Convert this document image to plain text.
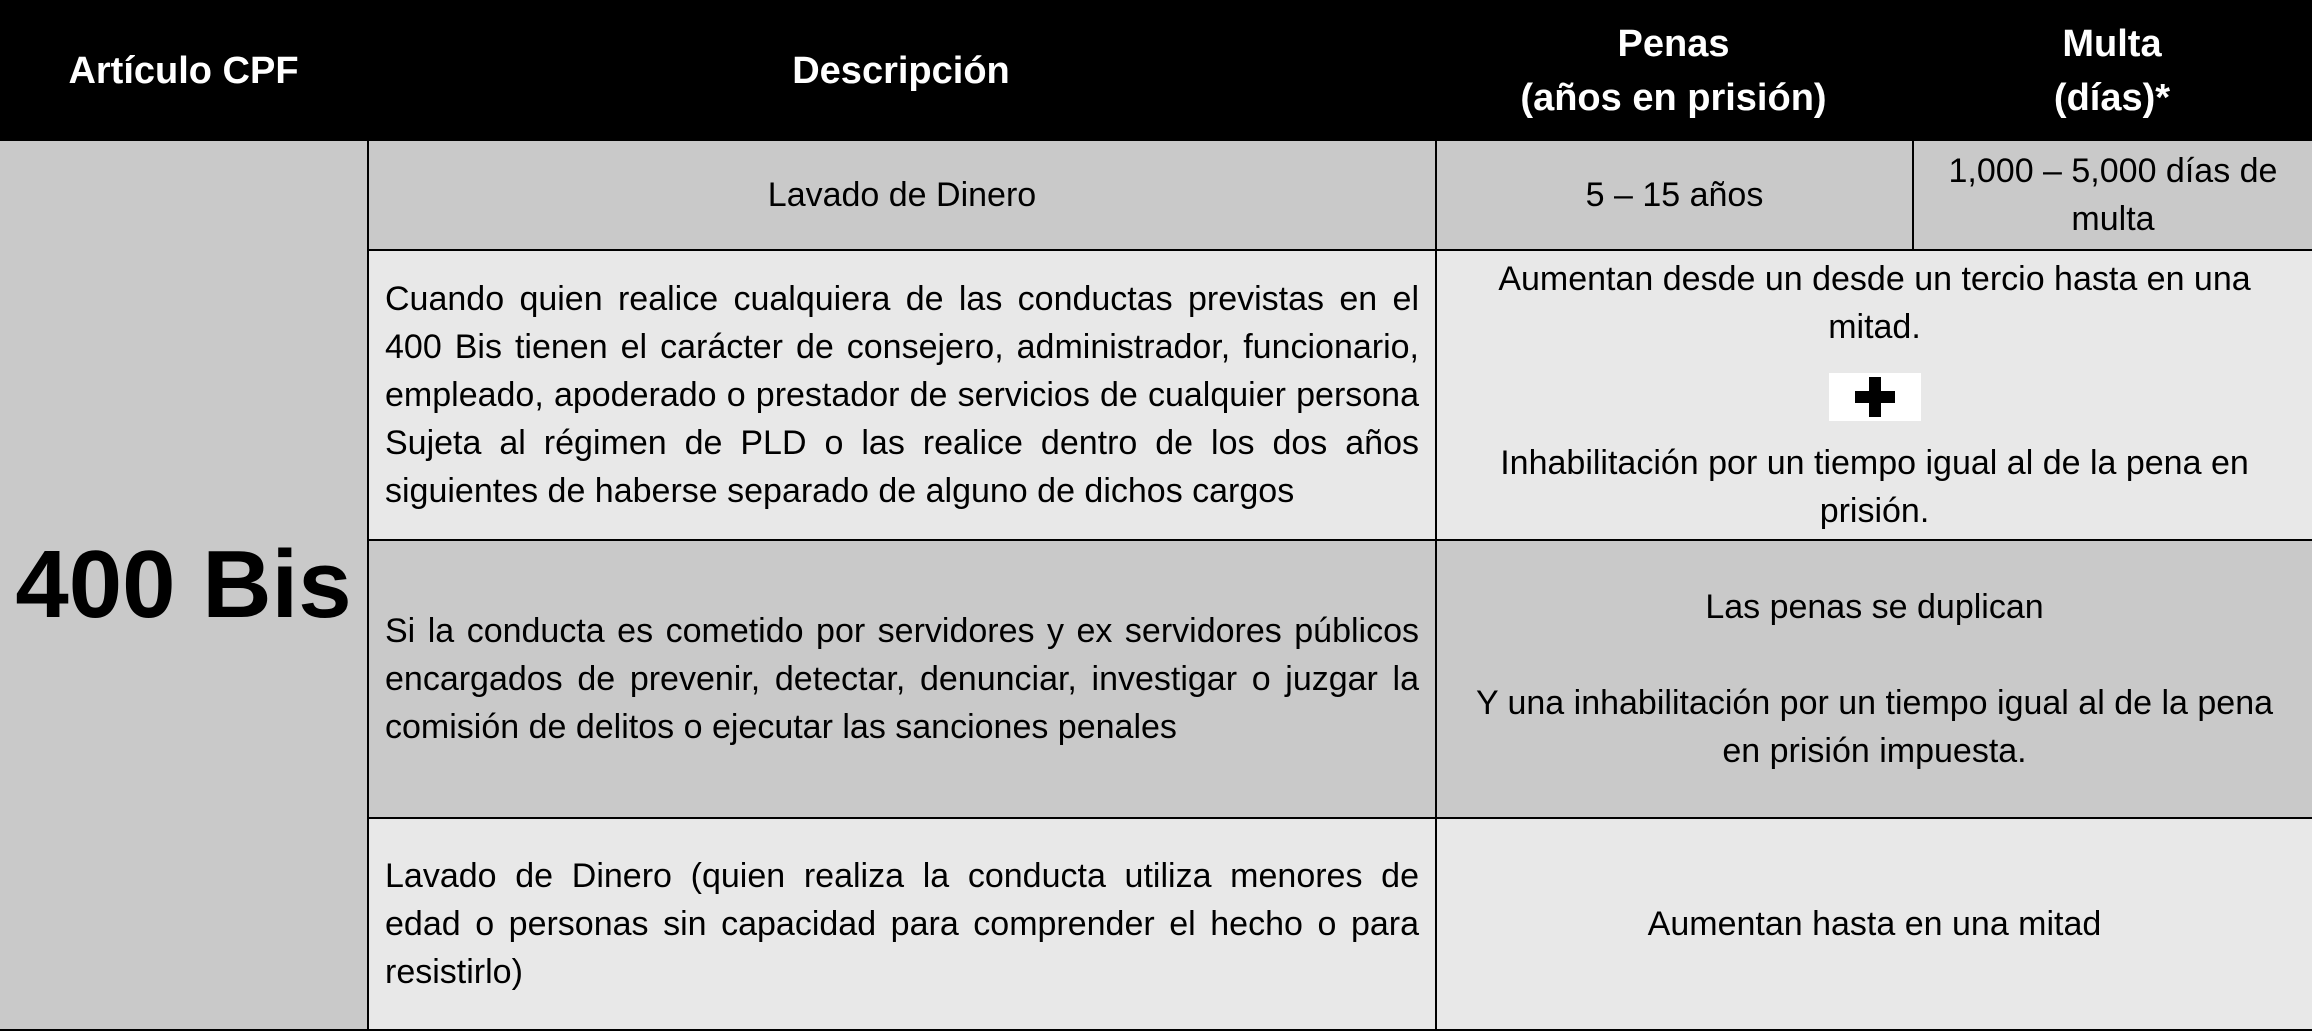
Artículo CPF	Descripción
Penas
(años en prisión)
Multa
(días)*
400 Bis
Lavado de Dinero	5 – 15 años
1,000 – 5,000 días de multa
Cuando quien realice cualquiera de las conductas previstas en el 400 Bis tienen el carácter de consejero, administrador, funcionario, empleado, apoderado o prestador de servicios de cualquier persona Sujeta al régimen de PLD o las realice dentro de los dos años siguientes de haberse separado de alguno de dichos cargos

Aumentan desde un desde un tercio hasta en una mitad.

Inhabilitación por un tiempo igual al de la pena en prisión.

Si la conducta es cometido por servidores y ex servidores públicos encargados de prevenir, detectar, denunciar, investigar o juzgar la comisión de delitos o ejecutar las sanciones penales

Las penas se duplican

Y una inhabilitación por un tiempo igual al de la pena en prisión impuesta.

Lavado de Dinero (quien realiza la conducta utiliza menores de edad o personas sin capacidad para comprender el hecho o para resistirlo)
Aumentan hasta en una mitad
